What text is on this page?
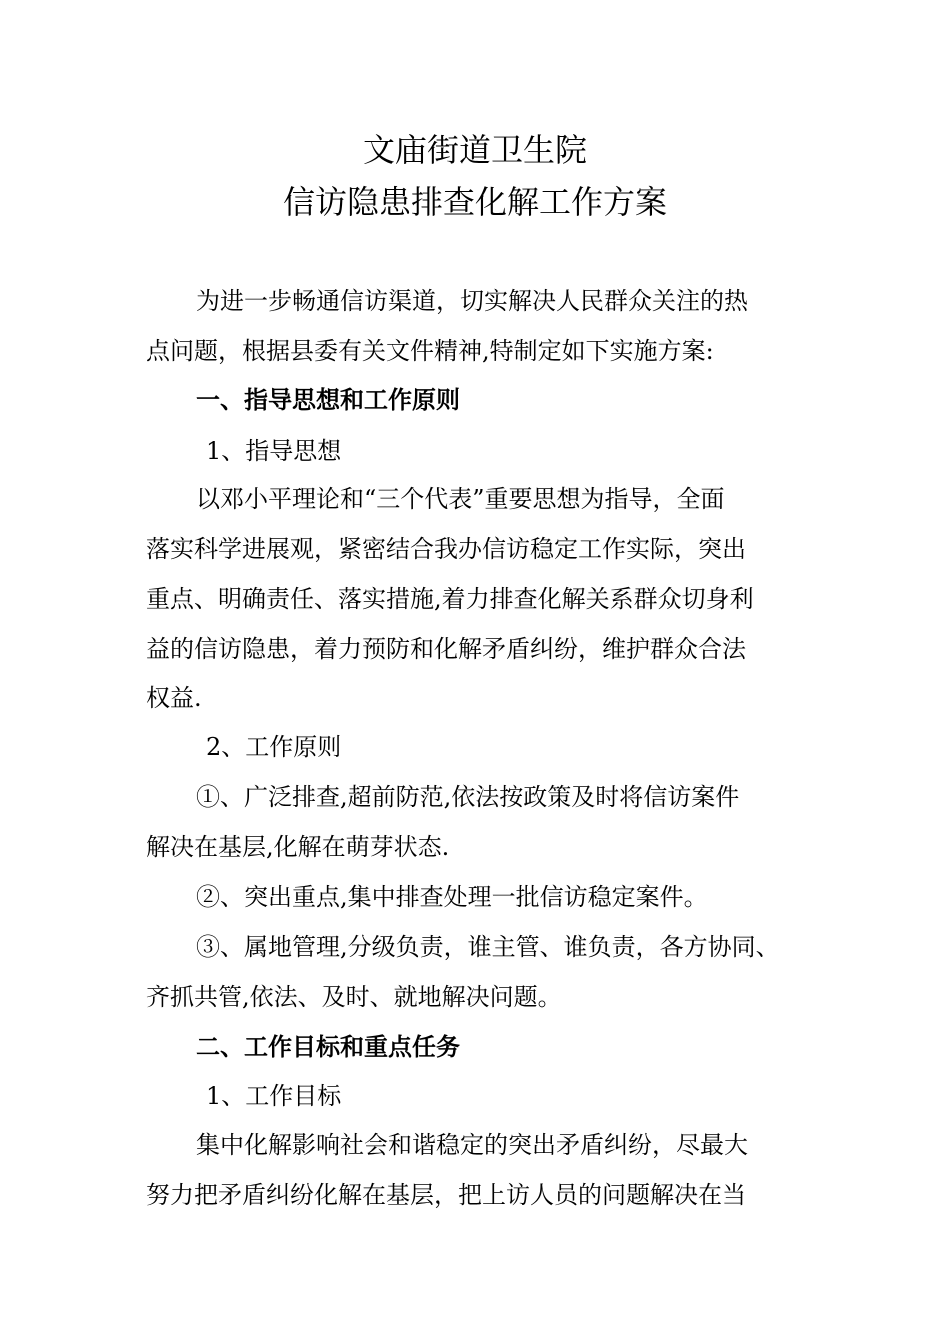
文庙街道卫生院
信访隐患排查化解工作方案
为进一步畅通信访渠道，切实解决人民群众关注的热
点问题，根据县委有关文件精神,特制定如下实施方案:
一、指导思想和工作原则
1、指导思想
以邓小平理论和“三个代表”重要思想为指导，全面
落实科学进展观，紧密结合我办信访稳定工作实际，突出
重点、明确责任、落实措施,着力排查化解关系群众切身利
益的信访隐患，着力预防和化解矛盾纠纷，维护群众合法
权益.
2、工作原则
①、广泛排查,超前防范,依法按政策及时将信访案件
解决在基层,化解在萌芽状态.
②、突出重点,集中排查处理一批信访稳定案件。
③、属地管理,分级负责，谁主管、谁负责，各方协同、
齐抓共管,依法、及时、就地解决问题。
二、工作目标和重点任务
1、工作目标
集中化解影响社会和谐稳定的突出矛盾纠纷，尽最大
努力把矛盾纠纷化解在基层，把上访人员的问题解决在当
